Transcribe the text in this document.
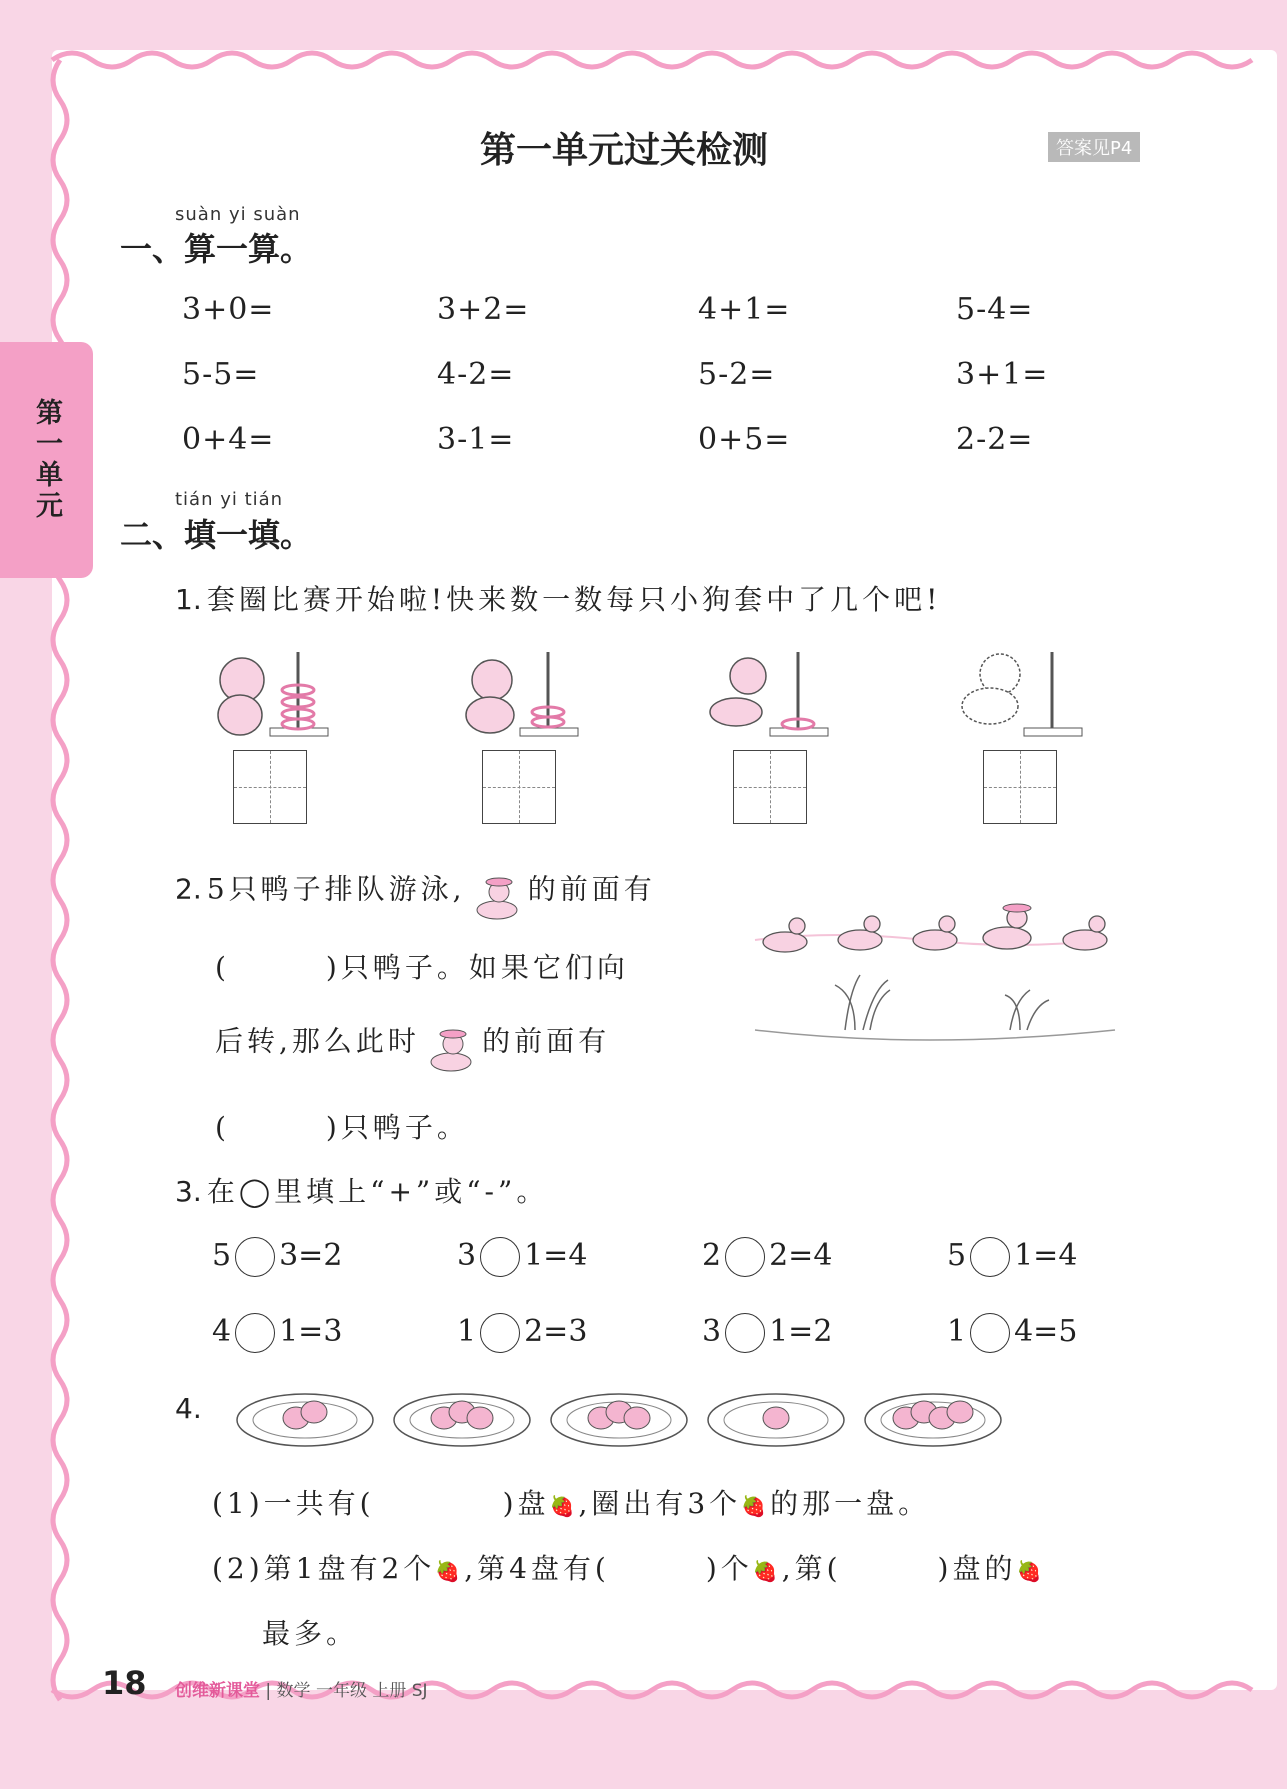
第一单元
第一单元过关检测	答案见P4
suàn yi suàn
一、算一算。
3+0=	3+2=	4+1=	5-4=
5-5=	4-2=	5-2=	3+1=
0+4=	3-1=	0+5=	2-2=
tián yi tián
二、填一填。
1. 套圈比赛开始啦!快来数一数每只小狗套中了几个吧!
2. 5只鸭子排队游泳, 的前面有
(　　　)只鸭子。如果它们向
后转,那么此时 的前面有
(　　　)只鸭子。
3. 在◯里填上“+”或“-”。
5 3=2	3 1=4	2 2=4	5 1=4
4 1=3	1 2=3	3 1=2	1 4=5
4.
(1)一共有(　　　　	)盘🍓,圈出有3个🍓的那一盘。
(2)第1盘有2个🍓,第4盘有(　　　	)个🍓,第(　　　	)盘的🍓
最多。
18 创维新课堂 | 数学 一年级 上册 SJ
